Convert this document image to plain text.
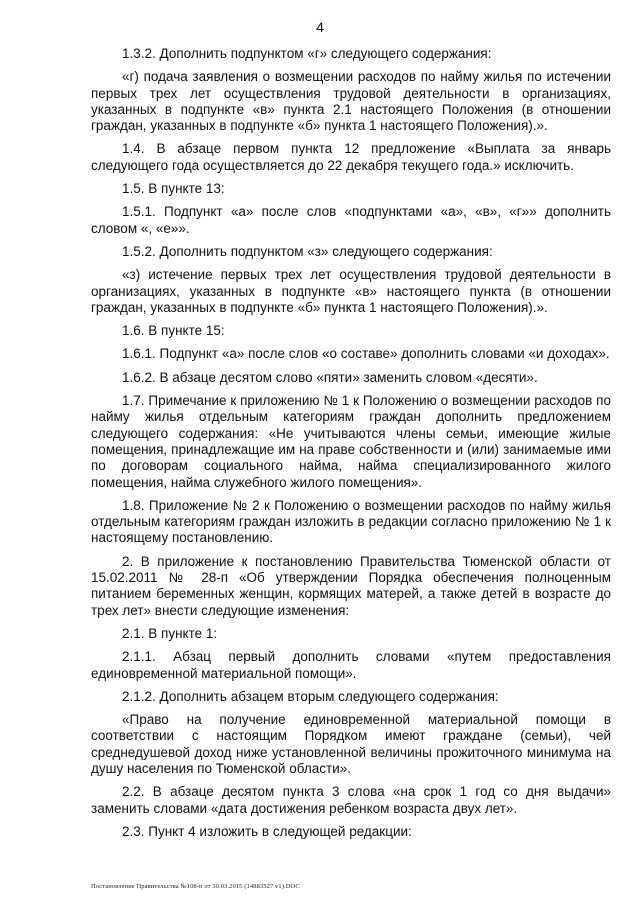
4

1.3.2. Дополнить подпунктом «г» следующего содержания:

«г) подача заявления о возмещении расходов по найму жилья по истечении первых трех лет осуществления трудовой деятельности в организациях, указанных в подпункте «в» пункта 2.1 настоящего Положения (в отношении граждан, указанных в подпункте «б» пункта 1 настоящего Положения).».

1.4. В абзаце первом пункта 12 предложение «Выплата за январь следующего года осуществляется до 22 декабря текущего года.» исключить.

1.5. В пункте 13:

1.5.1. Подпункт «а» после слов «подпунктами «а», «в», «г»» дополнить словом «, «е»».

1.5.2. Дополнить подпунктом «з» следующего содержания:

«з) истечение первых трех лет осуществления трудовой деятельности в организациях, указанных в подпункте «в» настоящего пункта (в отношении граждан, указанных в подпункте «б» пункта 1 настоящего Положения).».

1.6. В пункте 15:

1.6.1. Подпункт «а» после слов «о составе» дополнить словами «и доходах».

1.6.2. В абзаце десятом слово «пяти» заменить словом «десяти».

1.7. Примечание к приложению № 1 к Положению о возмещении расходов по найму жилья отдельным категориям граждан дополнить предложением следующего содержания: «Не учитываются члены семьи, имеющие жилые помещения, принадлежащие им на праве собственности и (или) занимаемые ими по договорам социального найма, найма специализированного жилого помещения, найма служебного жилого помещения».

1.8. Приложение № 2 к Положению о возмещении расходов по найму жилья отдельным категориям граждан изложить в редакции согласно приложению № 1 к настоящему постановлению.

2. В приложение к постановлению Правительства Тюменской области от 15.02.2011 № 28-п «Об утверждении Порядка обеспечения полноценным питанием беременных женщин, кормящих матерей, а также детей в возрасте до трех лет» внести следующие изменения:

2.1. В пункте 1:

2.1.1. Абзац первый дополнить словами «путем предоставления единовременной материальной помощи».

2.1.2. Дополнить абзацем вторым следующего содержания:

«Право на получение единовременной материальной помощи в соответствии с настоящим Порядком имеют граждане (семьи), чей среднедушевой доход ниже установленной величины прожиточного минимума на душу населения по Тюменской области».

2.2. В абзаце десятом пункта 3 слова «на срок 1 год со дня выдачи» заменить словами «дата достижения ребенком возраста двух лет».

2.3. Пункт 4 изложить в следующей редакции:

Постановление Правительства №108-п от 30.03.2015 (14883527 v1).DOC
